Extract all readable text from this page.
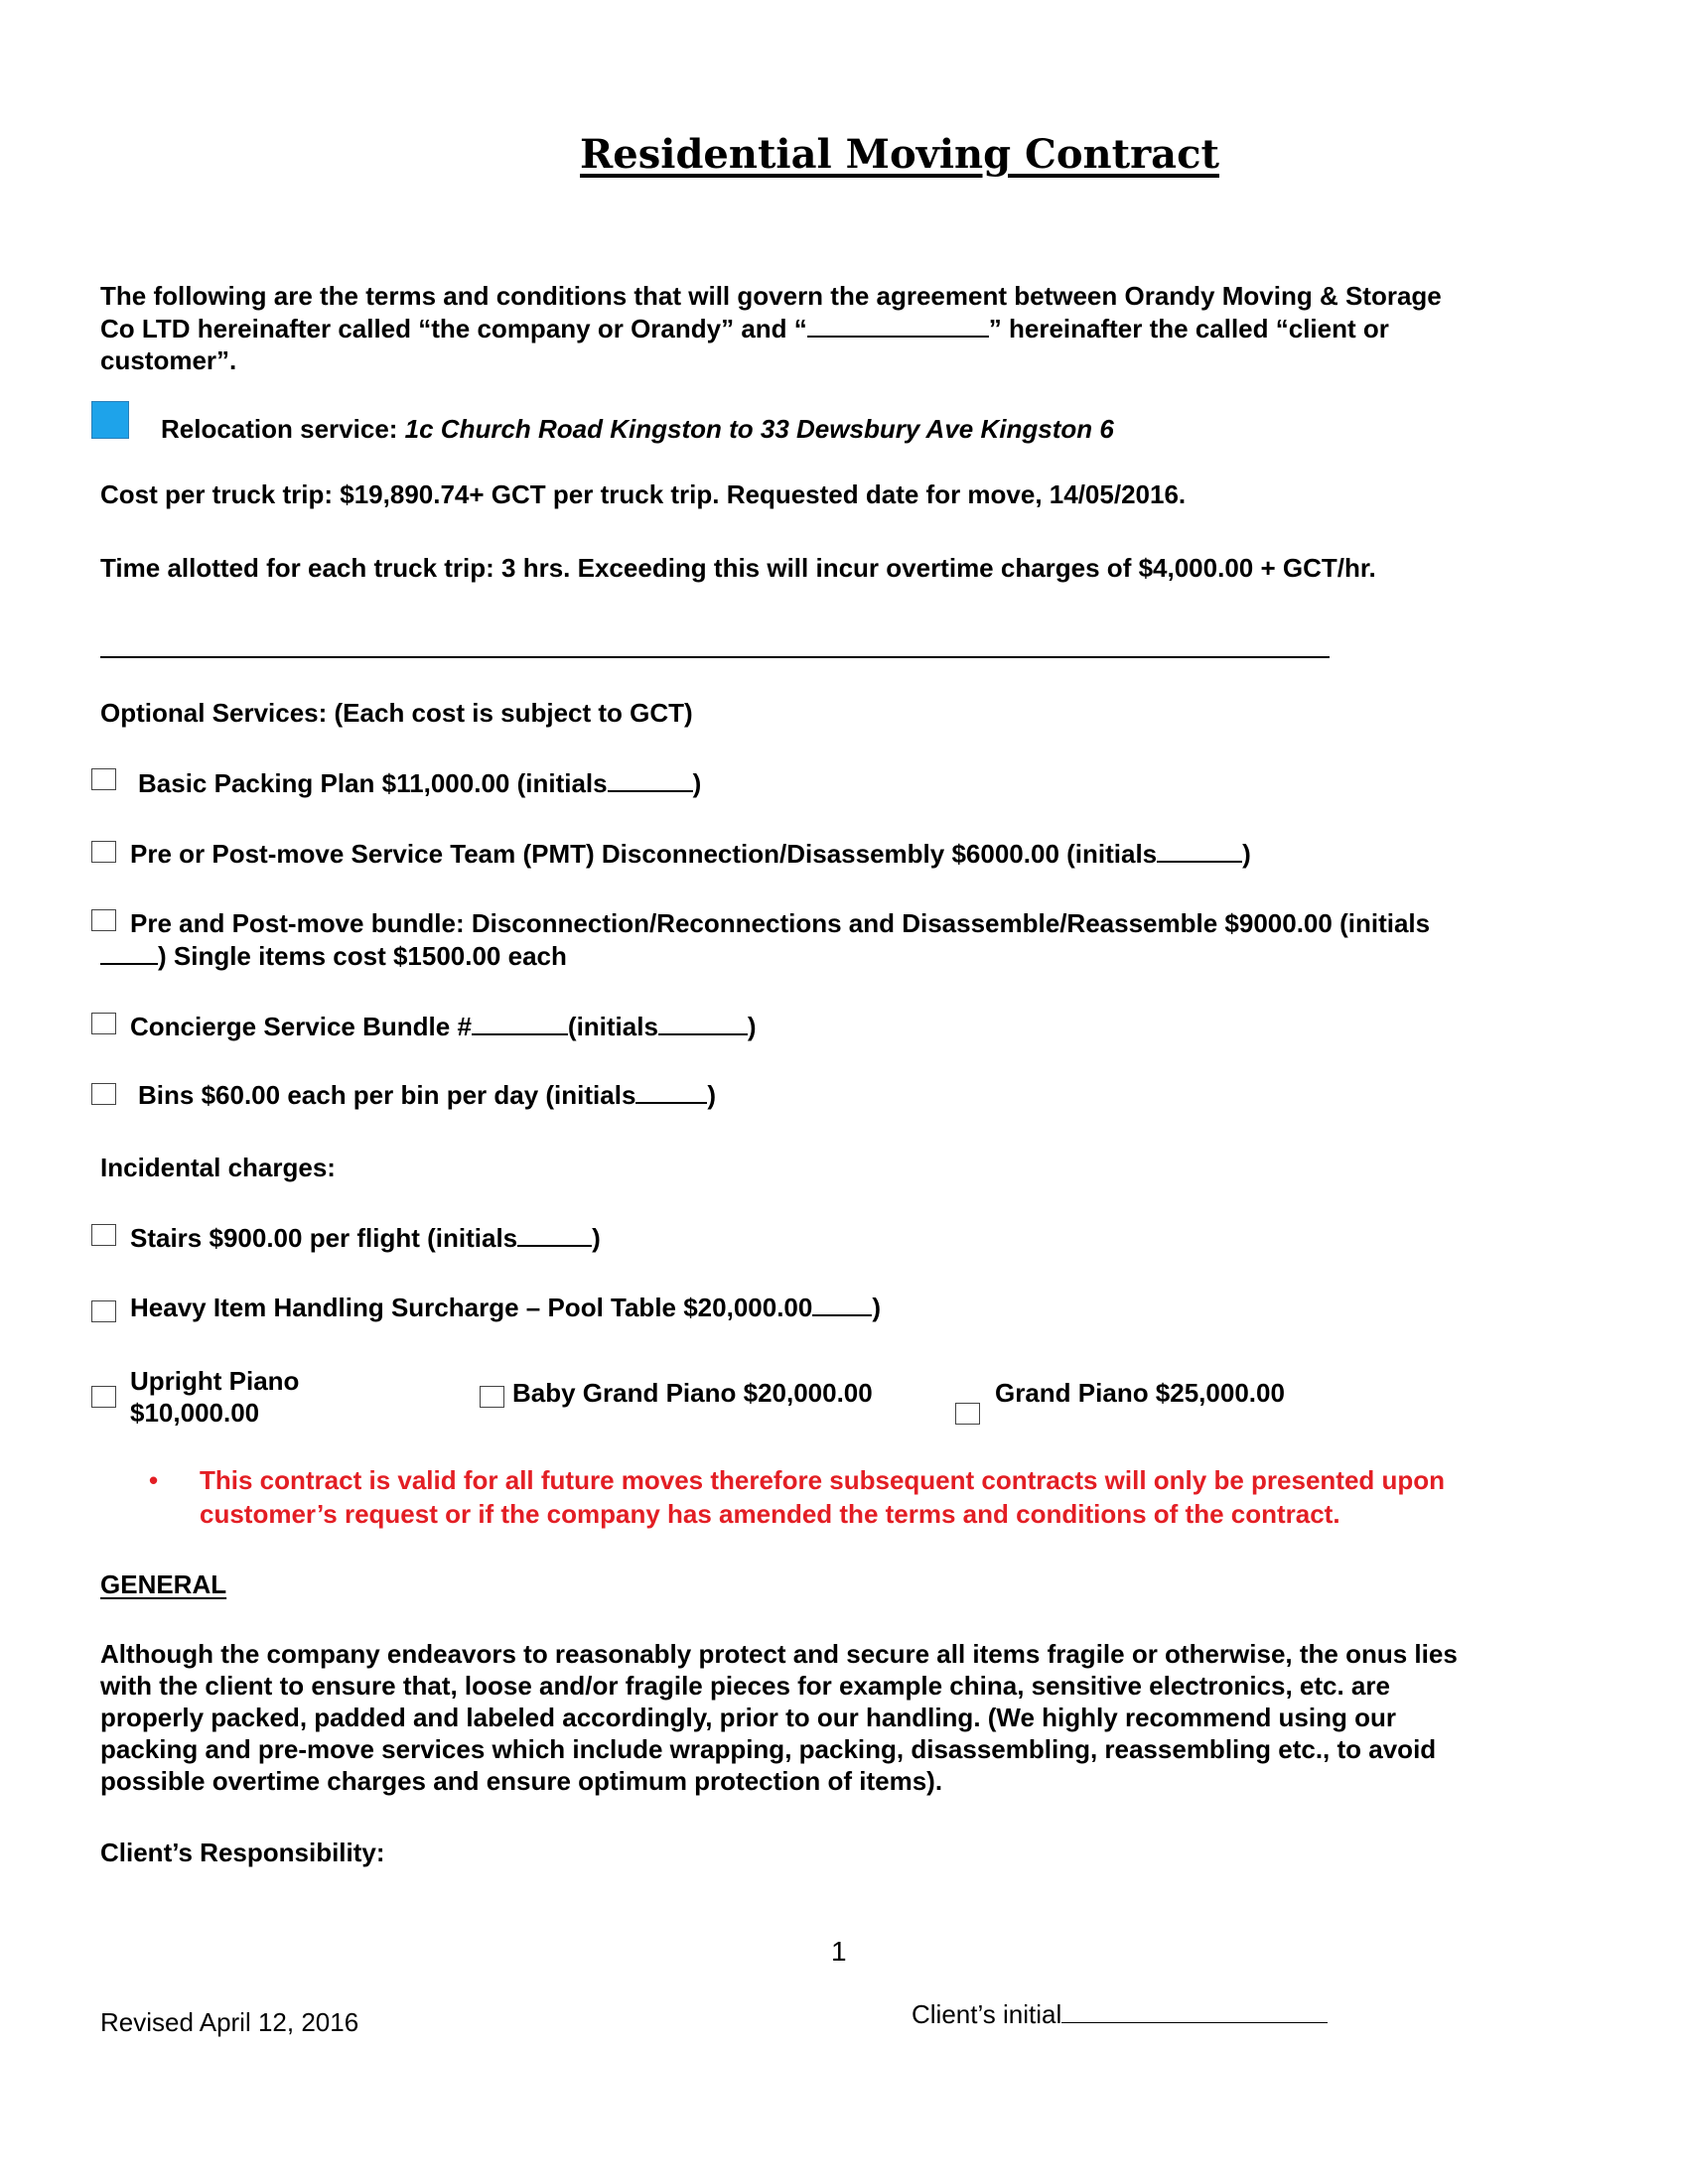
Residential Moving Contract
The following are the terms and conditions that will govern the agreement between Orandy Moving & Storage
Co LTD hereinafter called “the company or Orandy” and “	” hereinafter the called “client or
customer”.
Relocation service: 1c Church Road Kingston to 33 Dewsbury Ave Kingston 6
Cost per truck trip: $19,890.74+ GCT per truck trip. Requested date for move, 14/05/2016.
Time allotted for each truck trip: 3 hrs. Exceeding this will incur overtime charges of $4,000.00 + GCT/hr.
Optional Services: (Each cost is subject to GCT)
Basic Packing Plan $11,000.00 (initials	)
Pre or Post-move Service Team (PMT) Disconnection/Disassembly $6000.00 (initials	)
Pre and Post-move bundle: Disconnection/Reconnections and Disassemble/Reassemble $9000.00 (initials
) Single items cost $1500.00 each
Concierge Service Bundle #	(initials	)
Bins $60.00 each per bin per day (initials	)
Incidental charges:
Stairs $900.00 per flight (initials	)
Heavy Item Handling Surcharge – Pool Table $20,000.00 )
Upright Piano
$10,000.00
Baby Grand Piano $20,000.00	Grand Piano $25,000.00
• This contract is valid for all future moves therefore subsequent contracts will only be presented upon
customer’s request or if the company has amended the terms and conditions of the contract.
GENERAL
Although the company endeavors to reasonably protect and secure all items fragile or otherwise, the onus lies
with the client to ensure that, loose and/or fragile pieces for example china, sensitive electronics, etc. are
properly packed, padded and labeled accordingly, prior to our handling. (We highly recommend using our
packing and pre-move services which include wrapping, packing, disassembling, reassembling etc., to avoid
possible overtime charges and ensure optimum protection of items).
Client’s Responsibility:
1
Revised April 12, 2016	Client’s initial
